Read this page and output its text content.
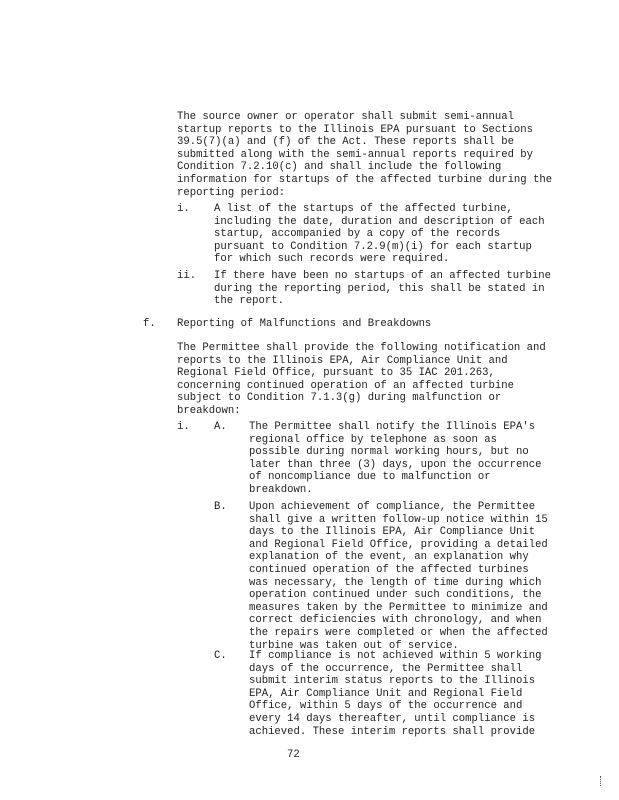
The source owner or operator shall submit semi-annual

startup reports to the Illinois EPA pursuant to Sections

39.5(7)(a) and (f) of the Act. These reports shall be

submitted along with the semi-annual reports required by

Condition 7.2.10(c) and shall include the following

information for startups of the affected turbine during the

reporting period:

i. A list of the startups of the affected turbine,

including the date, duration and description of each

startup, accompanied by a copy of the records

pursuant to Condition 7.2.9(m)(i) for each startup

for which such records were required.

ii. If there have been no startups of an affected turbine

during the reporting period, this shall be stated in

the report.

f. Reporting of Malfunctions and Breakdowns

The Permittee shall provide the following notification and

reports to the Illinois EPA, Air Compliance Unit and

Regional Field Office, pursuant to 35 IAC 201.263,

concerning continued operation of an affected turbine

subject to Condition 7.1.3(g) during malfunction or

breakdown:

i. A. The Permittee shall notify the Illinois EPA's

regional office by telephone as soon as

possible during normal working hours, but no

later than three (3) days, upon the occurrence

of noncompliance due to malfunction or

breakdown.

B. Upon achievement of compliance, the Permittee

shall give a written follow-up notice within 15

days to the Illinois EPA, Air Compliance Unit

and Regional Field Office, providing a detailed

explanation of the event, an explanation why

continued operation of the affected turbines

was necessary, the length of time during which

operation continued under such conditions, the

measures taken by the Permittee to minimize and

correct deficiencies with chronology, and when

the repairs were completed or when the affected

turbine was taken out of service.

C. If compliance is not achieved within 5 working

days of the occurrence, the Permittee shall

submit interim status reports to the Illinois

EPA, Air Compliance Unit and Regional Field

Office, within 5 days of the occurrence and

every 14 days thereafter, until compliance is

achieved. These interim reports shall provide

72
